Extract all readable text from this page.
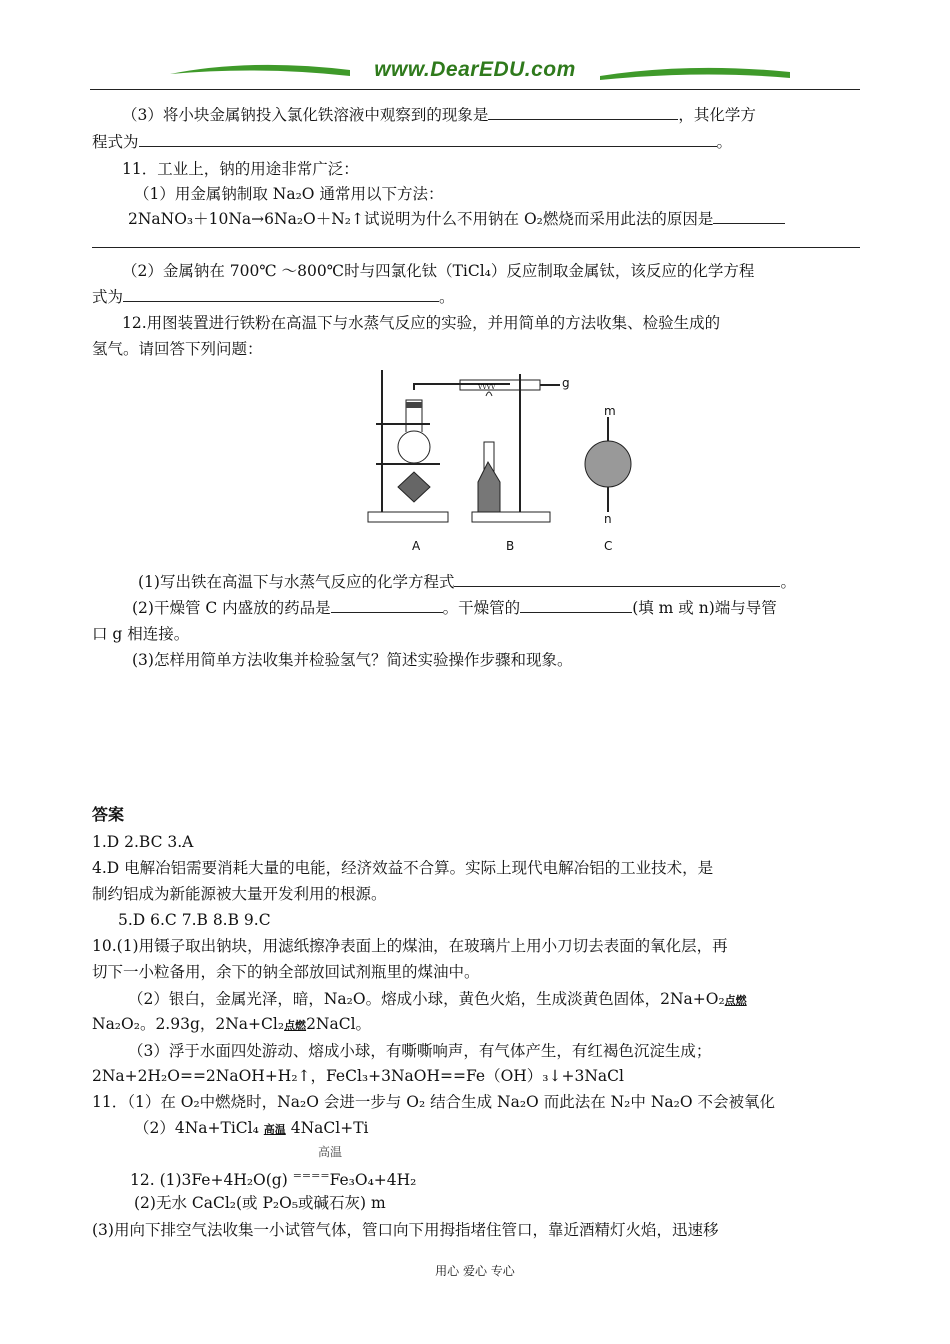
www.DearEDU.com
（3）将小块金属钠投入氯化铁溶液中观察到的现象是	，其化学方
程式为	。
11．工业上，钠的用途非常广泛：
（1）用金属钠制取 Na₂O 通常用以下方法：
2NaNO₃＋10Na→6Na₂O＋N₂↑试说明为什么不用钠在 O₂燃烧而采用此法的原因是
（2）金属钠在 700℃ ～800℃时与四氯化钛（TiCl₄）反应制取金属钛，该反应的化学方程
式为	。
12.用图装置进行铁粉在高温下与水蒸气反应的实验，并用简单的方法收集、检验生成的
氢气。请回答下列问题：
VVVV	g
m
n
A	B	C
(1)写出铁在高温下与水蒸气反应的化学方程式	。
(2)干燥管 C 内盛放的药品是	。干燥管的	(填 m 或 n)端与导管
口 g 相连接。
(3)怎样用简单方法收集并检验氢气？简述实验操作步骤和现象。
答案
1.D 2.BC 3.A
4.D 电解冶铝需要消耗大量的电能，经济效益不合算。实际上现代电解冶铝的工业技术，是
制约铝成为新能源被大量开发利用的根源。
5.D 6.C 7.B 8.B 9.C
10.(1)用镊子取出钠块，用滤纸擦净表面上的煤油，在玻璃片上用小刀切去表面的氧化层，再
切下一小粒备用，余下的钠全部放回试剂瓶里的煤油中。
（2）银白，金属光泽，暗，Na₂O。熔成小球，黄色火焰，生成淡黄色固体，2Na+O₂点燃
Na₂O₂。2.93g，2Na+Cl₂点燃2NaCl。
（3）浮于水面四处游动、熔成小球，有嘶嘶响声，有气体产生，有红褐色沉淀生成；
2Na+2H₂O==2NaOH+H₂↑，FeCl₃+3NaOH==Fe（OH）₃↓+3NaCl
11．（1）在 O₂中燃烧时，Na₂O 会进一步与 O₂ 结合生成 Na₂O 而此法在 N₂中 Na₂O 不会被氧化
（2）4Na+TiCl₄ 高温 4NaCl+Ti
高温
12. (1)3Fe+4H₂O(g) ====Fe₃O₄+4H₂
(2)无水 CaCl₂(或 P₂O₅或碱石灰) m
(3)用向下排空气法收集一小试管气体，管口向下用拇指堵住管口，靠近酒精灯火焰，迅速移
用心 爱心 专心
